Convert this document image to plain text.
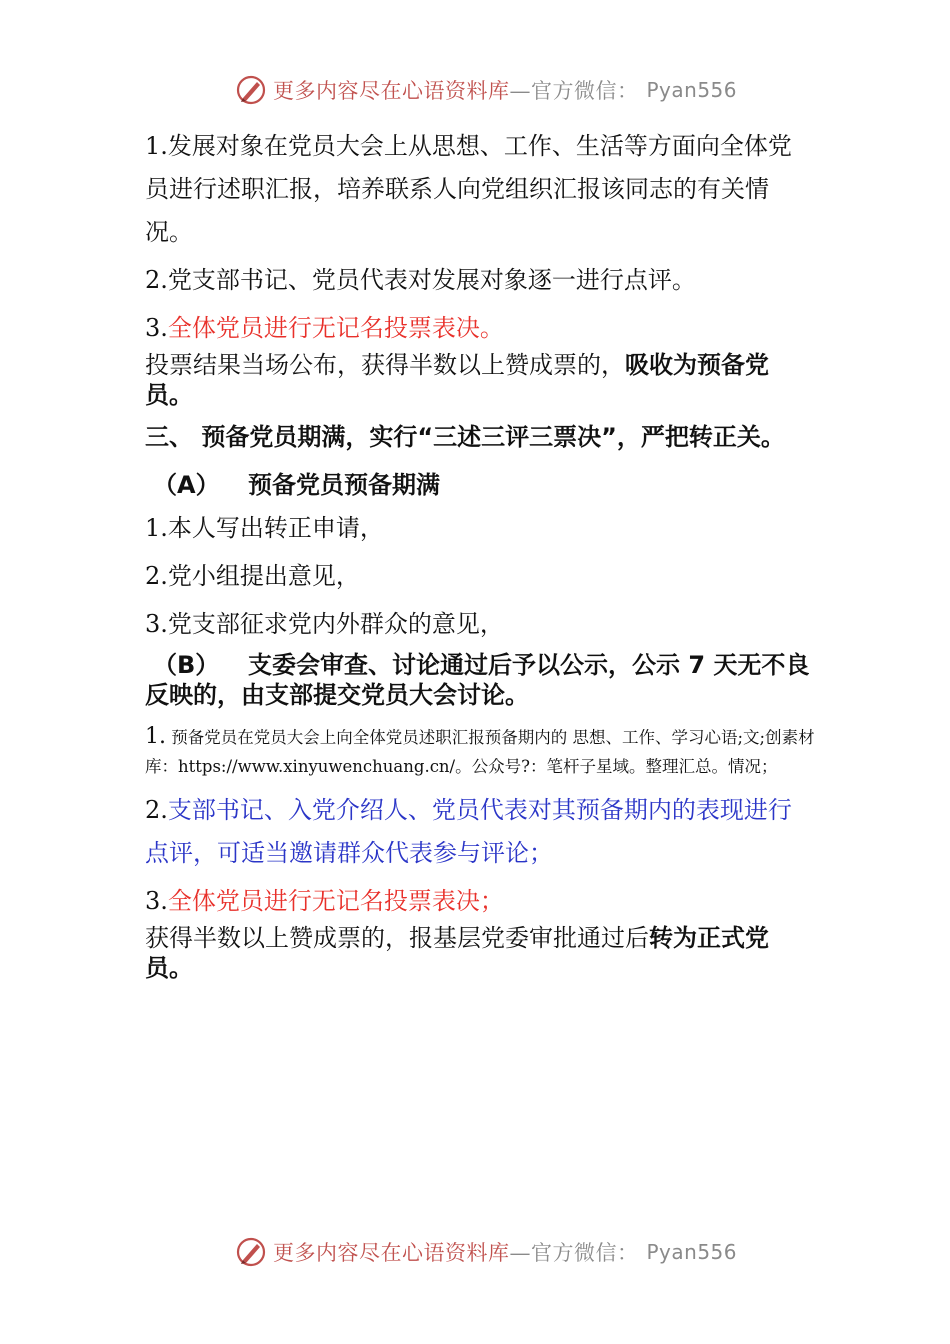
更多内容尽在心语资料库 —官方微信： Pyan556

1.发展对象在党员大会上从思想、工作、生活等方面向全体党员进行述职汇报，培养联系人向党组织汇报该同志的有关情况。

2.党支部书记、党员代表对发展对象逐一进行点评。

3.全体党员进行无记名投票表决。

投票结果当场公布，获得半数以上赞成票的，吸收为预备党员。

三、 预备党员期满，实行“三述三评三票决”，严把转正关。

（A） 预备党员预备期满

1.本人写出转正申请，

2.党小组提出意见，

3.党支部征求党内外群众的意见，

（B） 支委会审查、讨论通过后予以公示，公示 7 天无不良反映的，由支部提交党员大会讨论。

1. 预备党员在党员大会上向全体党员述职汇报预备期内的 思想、工作、学习心语;文;创素材库：https://www.xinyuwenchuang.cn/。公众号?：笔杆子星域。整理汇总。情况；

2.支部书记、入党介绍人、党员代表对其预备期内的表现进行点评，可适当邀请群众代表参与评论；

3.全体党员进行无记名投票表决；

获得半数以上赞成票的，报基层党委审批通过后转为正式党员。

更多内容尽在心语资料库 —官方微信： Pyan556
